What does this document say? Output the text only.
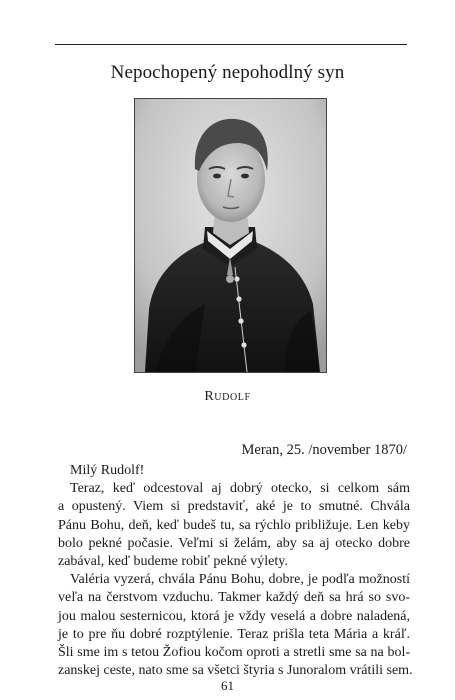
Nepochopený nepohodlný syn
Rudolf
Meran, 25. /november 1870/
Milý Rudolf!
Teraz, keď odcestoval aj dobrý otecko, si celkom sám
a opustený. Viem si predstaviť, aké je to smutné. Chvála
Pánu Bohu, deň, keď budeš tu, sa rýchlo približuje. Len keby
bolo pekné počasie. Veľmi si želám, aby sa aj otecko dobre
zabával, keď budeme robiť pekné výlety.
Valéria vyzerá, chvála Pánu Bohu, dobre, je podľa možností
veľa na čerstvom vzduchu. Takmer každý deň sa hrá so svo-
jou malou sesternicou, ktorá je vždy veselá a dobre naladená,
je to pre ňu dobré rozptýlenie. Teraz prišla teta Mária a kráľ.
Šli sme im s tetou Žofiou kočom oproti a stretli sme sa na bol-
zanskej ceste, nato sme sa všetci štyria s Junoralom vrátili sem.
61
